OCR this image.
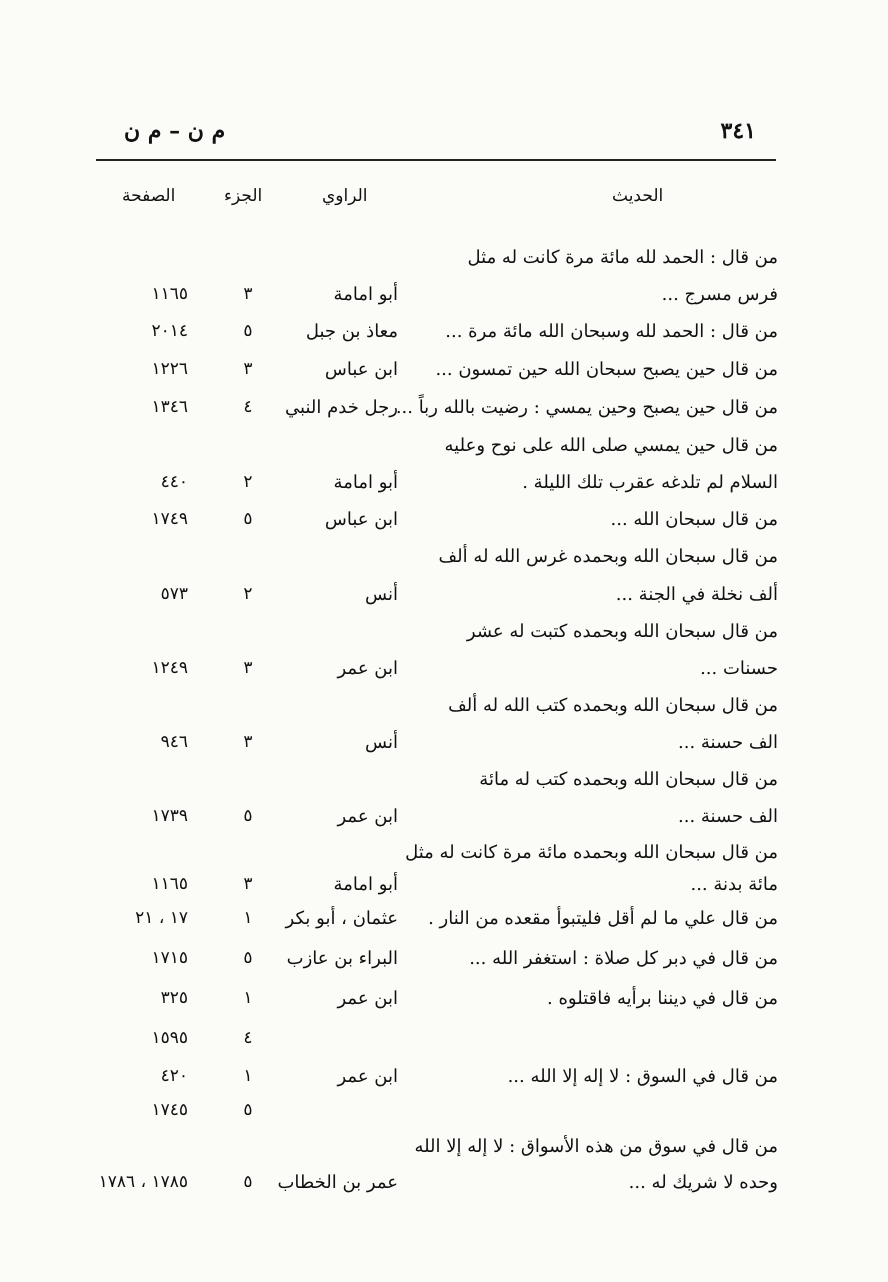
٣٤١
م ن – م ن
الحديث
الراوي
الجزء
الصفحة
من قال : الحمد لله مائة مرة كانت له مثل
فرس مسرج ...
أبو امامة
٣
١١٦٥
من قال : الحمد لله وسبحان الله مائة مرة ...
معاذ بن جبل
٥
٢٠١٤
من قال حين يصبح سبحان الله حين تمسون ...
ابن عباس
٣
١٢٢٦
من قال حين يصبح وحين يمسي : رضيت بالله رباً ...
رجل خدم النبي
٤
١٣٤٦
من قال حين يمسي صلى الله على نوح وعليه
السلام لم تلدغه عقرب تلك الليلة .
أبو امامة
٢
٤٤٠
من قال سبحان الله ...
ابن عباس
٥
١٧٤٩
من قال سبحان الله وبحمده غرس الله له ألف
ألف نخلة في الجنة ...
أنس
٢
٥٧٣
من قال سبحان الله وبحمده كتبت له عشر
حسنات ...
ابن عمر
٣
١٢٤٩
من قال سبحان الله وبحمده كتب الله له ألف
الف حسنة ...
أنس
٣
٩٤٦
من قال سبحان الله وبحمده كتب له مائة
الف حسنة ...
ابن عمر
٥
١٧٣٩
من قال سبحان الله وبحمده مائة مرة كانت له مثل
مائة بدنة ...
أبو امامة
٣
١١٦٥
من قال علي ما لم أقل فليتبوأ مقعده من النار .
عثمان ، أبو بكر
١
١٧ ، ٢١
من قال في دبر كل صلاة : استغفر الله ...
البراء بن عازب
٥
١٧١٥
من قال في ديننا برأيه فاقتلوه .
ابن عمر
١
٣٢٥
٤
١٥٩٥
من قال في السوق : لا إله إلا الله ...
ابن عمر
١
٤٢٠
٥
١٧٤٥
من قال في سوق من هذه الأسواق : لا إله إلا الله
وحده لا شريك له ...
عمر بن الخطاب
٥
١٧٨٥ ، ١٧٨٦
